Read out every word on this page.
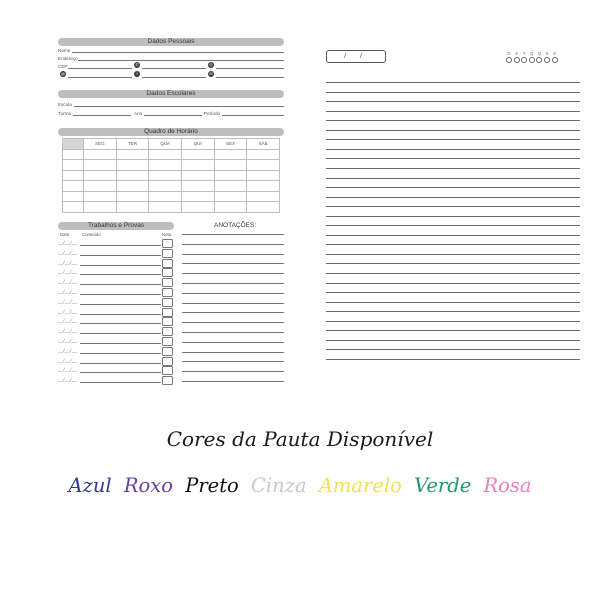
Dados Pessoais
Nome
Endereço
CEP	✆	◎
@	f	☏
Dados Escolares
Escola
Turma	Ano	Período
Quadro de Horário
	SEG	TER	QUA	QUI	SEX	SÁB

Trabalhos e Provas	ANOTAÇÕES:
Data	Conteúdo	Nota
__/__/__
__/__/__
__/__/__
__/__/__
__/__/__
__/__/__
__/__/__
__/__/__
__/__/__
__/__/__
__/__/__
__/__/__
__/__/__
__/__/__
__/__/__
/ /	D	S	T	Q	Q	S	S
Cores da Pauta Disponível
Azul Roxo Preto Cinza Amarelo Verde Rosa
